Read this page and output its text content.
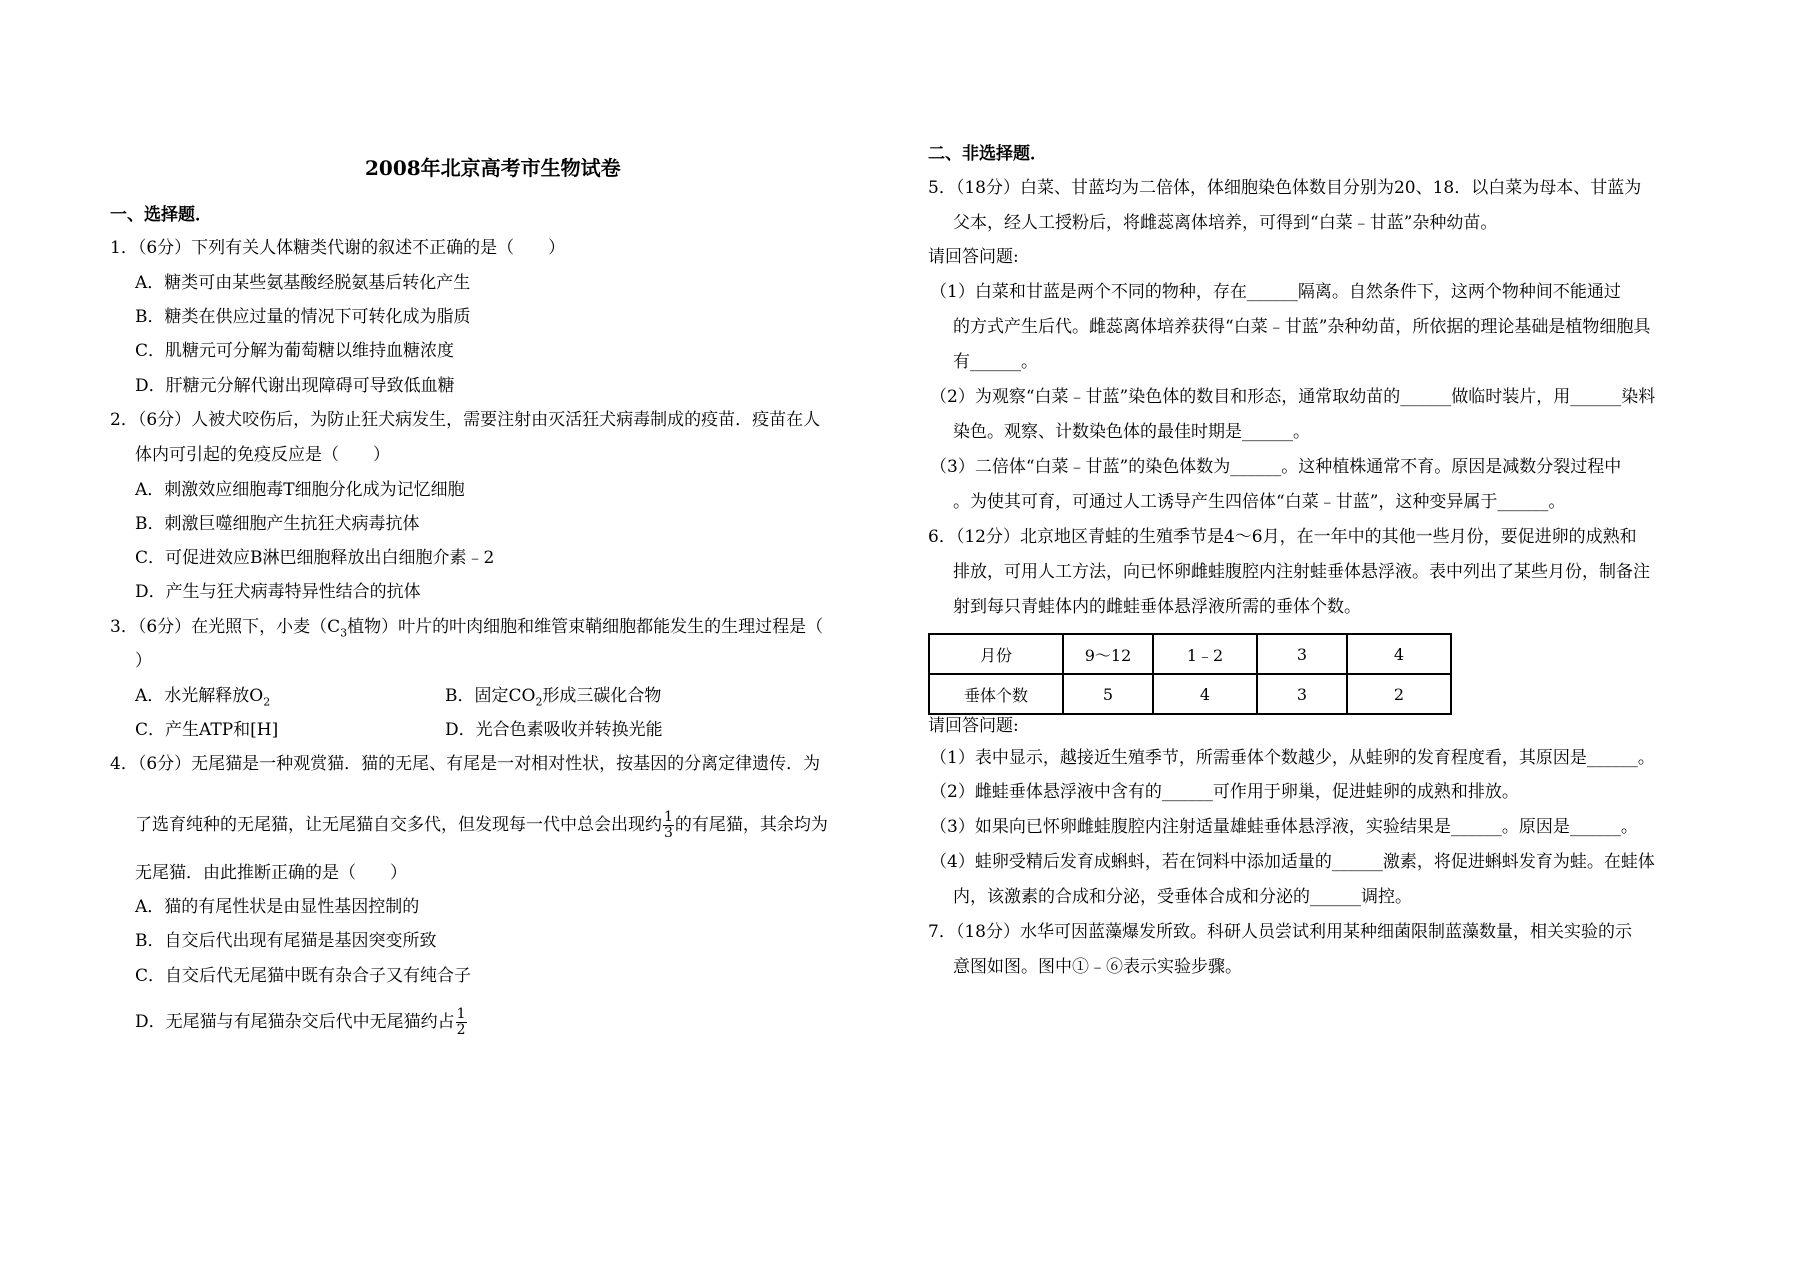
2008年北京高考市生物试卷
一、选择题．
1．（6分）下列有关人体糖类代谢的叙述不正确的是（　　）
A．糖类可由某些氨基酸经脱氨基后转化产生
B．糖类在供应过量的情况下可转化成为脂质
C．肌糖元可分解为葡萄糖以维持血糖浓度
D．肝糖元分解代谢出现障碍可导致低血糖
2．（6分）人被犬咬伤后，为防止狂犬病发生，需要注射由灭活狂犬病毒制成的疫苗．疫苗在人
体内可引起的免疫反应是（　　）
A．刺激效应细胞毒T细胞分化成为记忆细胞
B．刺激巨噬细胞产生抗狂犬病毒抗体
C．可促进效应B淋巴细胞释放出白细胞介素﹣2
D．产生与狂犬病毒特异性结合的抗体
3．（6分）在光照下，小麦（$C_3$植物）叶片的叶肉细胞和维管束鞘细胞都能发生的生理过程是（
）
A．水光解释放$O_2$	B．固定$CO_2$形成三碳化合物
C．产生ATP和[H]	D．光合色素吸收并转换光能
4．（6分）无尾猫是一种观赏猫．猫的无尾、有尾是一对相对性状，按基因的分离定律遗传．为
了选育纯种的无尾猫，让无尾猫自交多代，但发现每一代中总会出现约 $\frac{1}{3}$ 的有尾猫，其余均为
无尾猫．由此推断正确的是（　　）
A．猫的有尾性状是由显性基因控制的
B．自交后代出现有尾猫是基因突变所致
C．自交后代无尾猫中既有杂合子又有纯合子
D．无尾猫与有尾猫杂交后代中无尾猫约占 $\frac{1}{2}$
二、非选择题．
5．（18分）白菜、甘蓝均为二倍体，体细胞染色体数目分别为20、18．以白菜为母本、甘蓝为
父本，经人工授粉后，将雌蕊离体培养，可得到“白菜﹣甘蓝”杂种幼苗。
请回答问题:
（1）白菜和甘蓝是两个不同的物种，存在______隔离。自然条件下，这两个物种间不能通过
的方式产生后代。雌蕊离体培养获得“白菜﹣甘蓝”杂种幼苗，所依据的理论基础是植物细胞具
有______。
（2）为观察“白菜﹣甘蓝”染色体的数目和形态，通常取幼苗的______做临时装片，用______染料
染色。观察、计数染色体的最佳时期是______。
（3）二倍体“白菜﹣甘蓝”的染色体数为______。这种植株通常不育。原因是减数分裂过程中
。为使其可育，可通过人工诱导产生四倍体“白菜﹣甘蓝”，这种变异属于______。
6．（12分）北京地区青蛙的生殖季节是4～6月，在一年中的其他一些月份，要促进卵的成熟和
排放，可用人工方法，向已怀卵雌蛙腹腔内注射蛙垂体悬浮液。表中列出了某些月份，制备注
射到每只青蛙体内的雌蛙垂体悬浮液所需的垂体个数。
月份	9～12	1﹣2	3	4
垂体个数	5	4	3	2
请回答问题:
（1）表中显示，越接近生殖季节，所需垂体个数越少，从蛙卵的发育程度看，其原因是______。
（2）雌蛙垂体悬浮液中含有的______可作用于卵巢，促进蛙卵的成熟和排放。
（3）如果向已怀卵雌蛙腹腔内注射适量雄蛙垂体悬浮液，实验结果是______。原因是______。
（4）蛙卵受精后发育成蝌蚪，若在饲料中添加适量的______激素，将促进蝌蚪发育为蛙。在蛙体
内，该激素的合成和分泌，受垂体合成和分泌的______调控。
7．（18分）水华可因蓝藻爆发所致。科研人员尝试利用某种细菌限制蓝藻数量，相关实验的示
意图如图。图中①﹣⑥表示实验步骤。
